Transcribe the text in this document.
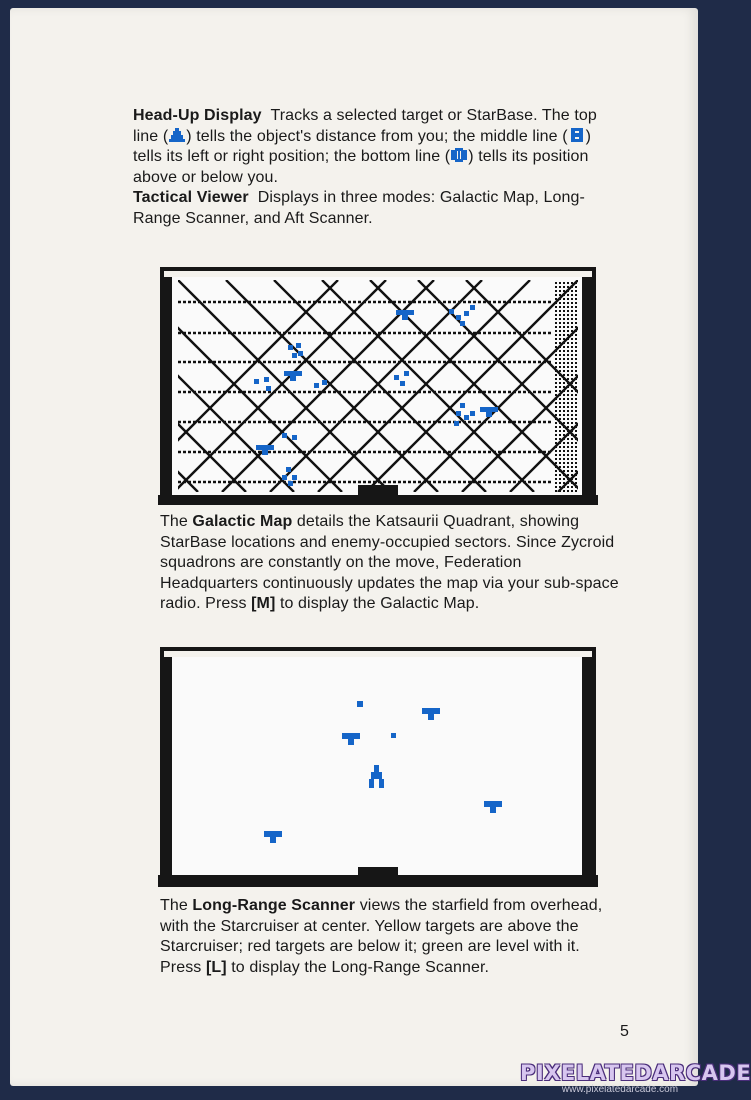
Head-Up Display Tracks a selected target or StarBase. The top line ( ) tells the object's distance from you; the middle line ( ) tells its left or right position; the bottom line ( ) tells its position above or below you.
Tactical Viewer Displays in three modes: Galactic Map, Long-Range Scanner, and Aft Scanner.
The Galactic Map details the Katsaurii Quadrant, showing StarBase locations and enemy-occupied sectors. Since Zycroid squadrons are constantly on the move, Federation Headquarters continuously updates the map via your sub-space radio. Press [M] to display the Galactic Map.
The Long-Range Scanner views the starfield from overhead, with the Starcruiser at center. Yellow targets are above the Starcruiser; red targets are below it; green are level with it. Press [L] to display the Long-Range Scanner.
5
PIXELATEDARCADE
www.pixelatedarcade.com
